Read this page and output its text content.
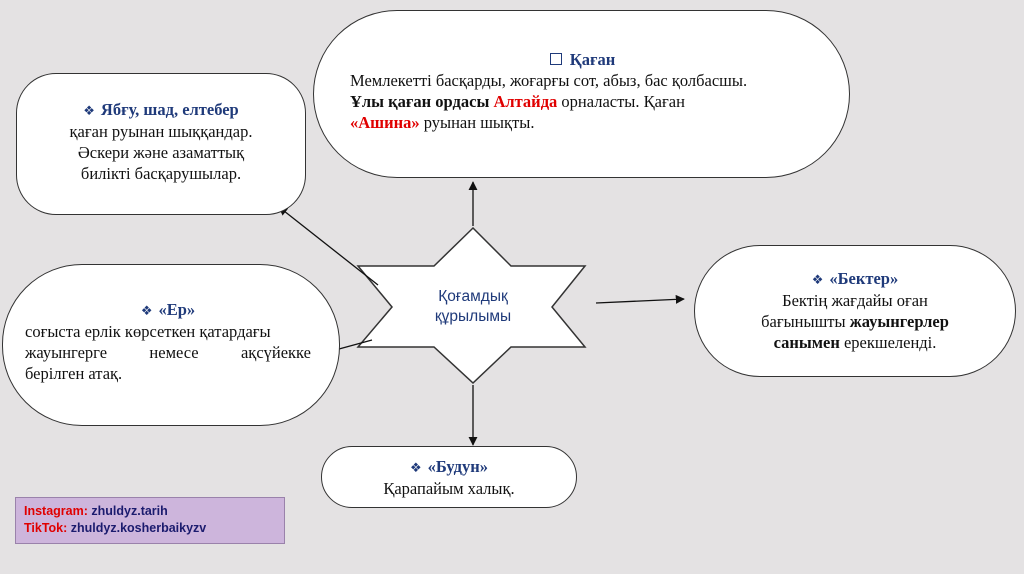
Қоғамдық
құрылымы
Қаған
Мемлекетті басқарды, жоғарғы сот, абыз, бас қолбасшы.
Ұлы қаған ордасы Алтайда орналасты. Қаған
«Ашина» руынан шықты.
❖ Ябғу, шад, елтебер
қаған руынан шыққандар.
Әскери және азаматтық
билікті басқарушылар.
❖ «Ер»
соғыста ерлік көрсеткен қатардағы
жауынгерге немесе ақсүйекке
берілген атақ.
❖ «Бектер»
Бектің жағдайы оған
бағынышты жауынгерлер
санымен ерекшеленді.
❖ «Будун»
Қарапайым халық.
Instagram: zhuldyz.tarih
TikTok: zhuldyz.kosherbaikyzv
